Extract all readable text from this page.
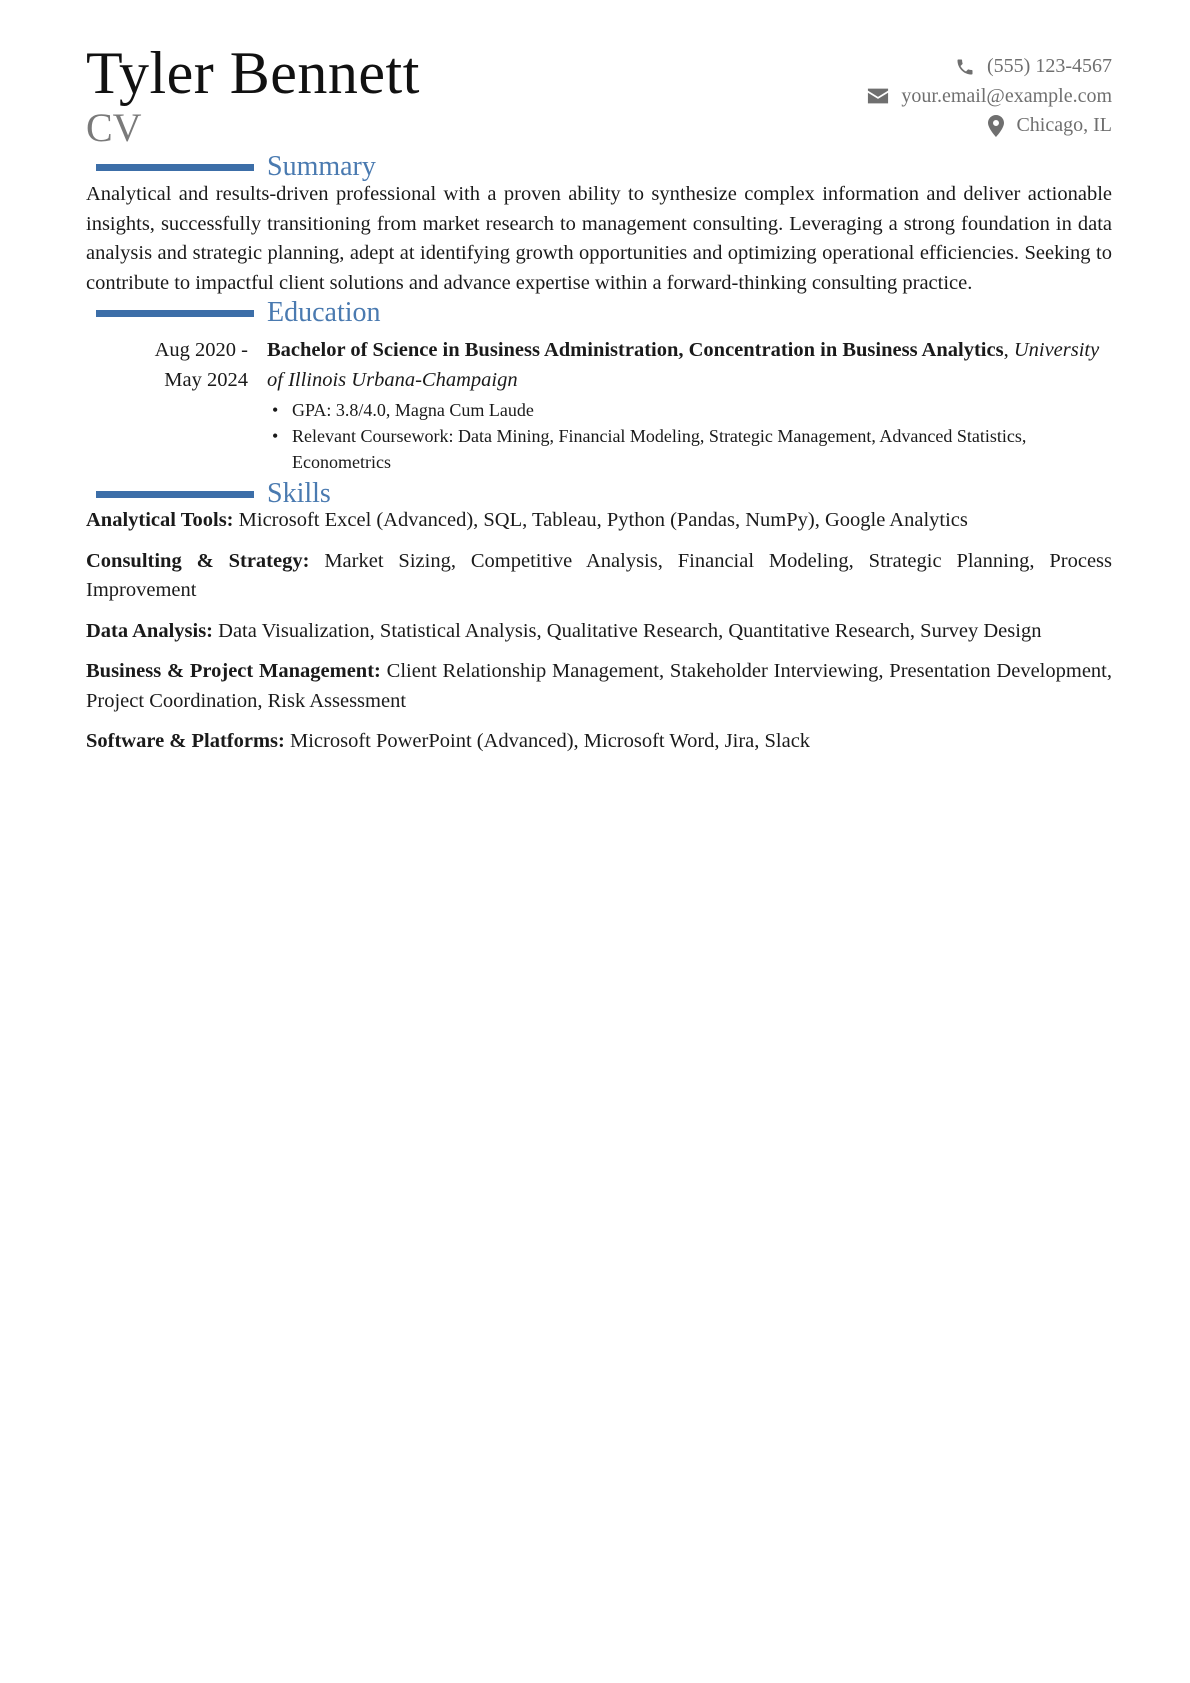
Tyler Bennett
CV
(555) 123-4567
your.email@example.com
Chicago, IL
Summary

Analytical and results-driven professional with a proven ability to synthesize complex information and deliver actionable insights, successfully transitioning from market research to management consulting. Leveraging a strong foundation in data analysis and strategic planning, adept at identifying growth opportunities and optimizing operational efficiencies. Seeking to contribute to impactful client solutions and advance expertise within a forward-thinking consulting practice.

Education
Aug 2020 -
May 2024
Bachelor of Science in Business Administration, Concentration in Business Analytics, University of Illinois Urbana-Champaign
• GPA: 3.8/4.0, Magna Cum Laude
• Relevant Coursework: Data Mining, Financial Modeling, Strategic Management, Advanced Statistics, Econometrics
Skills

Analytical Tools: Microsoft Excel (Advanced), SQL, Tableau, Python (Pandas, NumPy), Google Analytics

Consulting & Strategy: Market Sizing, Competitive Analysis, Financial Modeling, Strategic Planning, Process Improvement

Data Analysis: Data Visualization, Statistical Analysis, Qualitative Research, Quantitative Research, Survey Design

Business & Project Management: Client Relationship Management, Stakeholder Interviewing, Presentation Development, Project Coordination, Risk Assessment

Software & Platforms: Microsoft PowerPoint (Advanced), Microsoft Word, Jira, Slack
